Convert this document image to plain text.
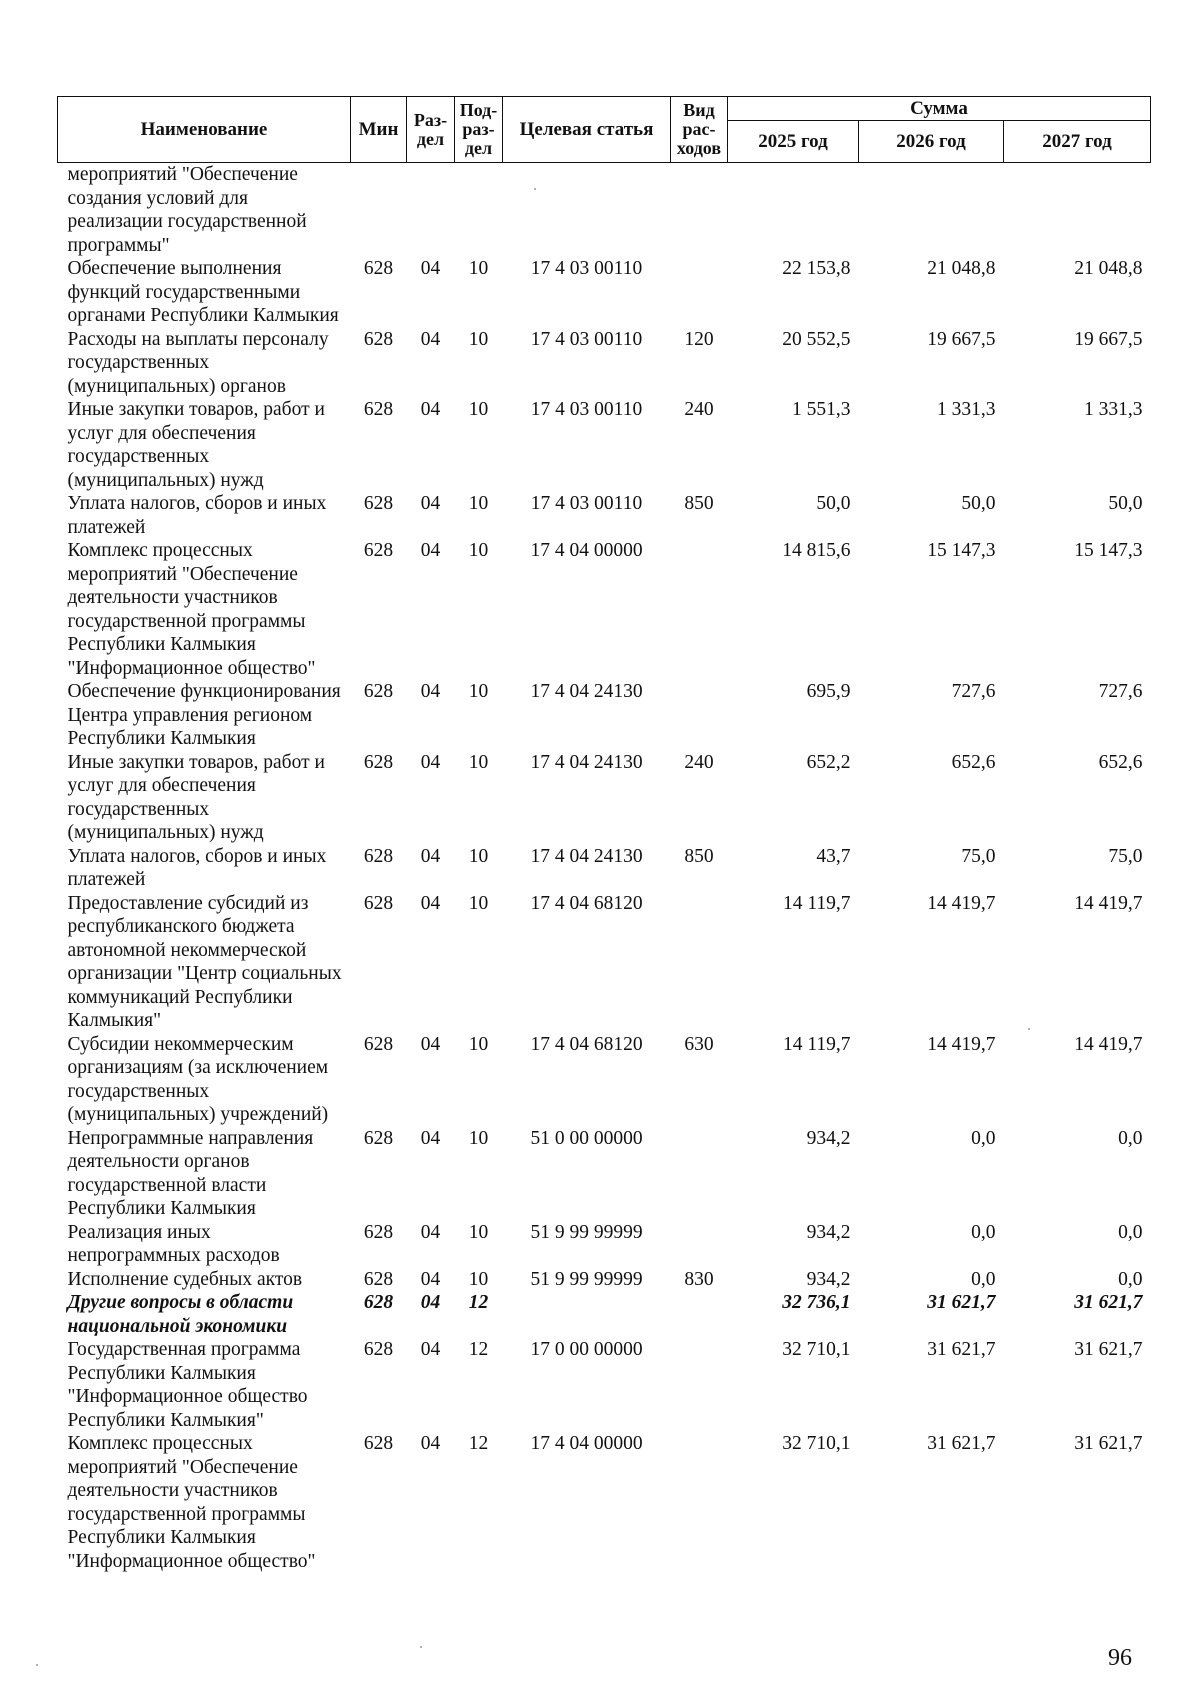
Наименование	Мин	Раз-дел	Под-раз-дел	Целевая статья	Вид рас-ходов	Сумма		
						2025 год	2026 год	2027 год
мероприятий "Обеспечение создания условий для реализации государственной программы"								
Обеспечение выполнения функций государственными органами Республики Калмыкия	628	04	10	17 4 03 00110		22 153,8	21 048,8	21 048,8
Расходы на выплаты персоналу государственных (муниципальных) органов	628	04	10	17 4 03 00110	120	20 552,5	19 667,5	19 667,5
Иные закупки товаров, работ и услуг для обеспечения государственных (муниципальных) нужд	628	04	10	17 4 03 00110	240	1 551,3	1 331,3	1 331,3
Уплата налогов, сборов и иных платежей	628	04	10	17 4 03 00110	850	50,0	50,0	50,0
Комплекс процессных мероприятий "Обеспечение деятельности участников государственной программы Республики Калмыкия "Информационное общество"	628	04	10	17 4 04 00000		14 815,6	15 147,3	15 147,3
Обеспечение функционирования Центра управления регионом Республики Калмыкия	628	04	10	17 4 04 24130		695,9	727,6	727,6
Иные закупки товаров, работ и услуг для обеспечения государственных (муниципальных) нужд	628	04	10	17 4 04 24130	240	652,2	652,6	652,6
Уплата налогов, сборов и иных платежей	628	04	10	17 4 04 24130	850	43,7	75,0	75,0
Предоставление субсидий из республиканского бюджета автономной некоммерческой организации "Центр социальных коммуникаций Республики Калмыкия"	628	04	10	17 4 04 68120		14 119,7	14 419,7	14 419,7
Субсидии некоммерческим организациям (за исключением государственных (муниципальных) учреждений)	628	04	10	17 4 04 68120	630	14 119,7	14 419,7	14 419,7
Непрограммные направления деятельности органов государственной власти Республики Калмыкия	628	04	10	51 0 00 00000		934,2	0,0	0,0
Реализация иных непрограммных расходов	628	04	10	51 9 99 99999		934,2	0,0	0,0
Исполнение судебных актов	628	04	10	51 9 99 99999	830	934,2	0,0	0,0
Другие вопросы в области национальной экономики	628	04	12			32 736,1	31 621,7	31 621,7
Государственная программа Республики Калмыкия "Информационное общество Республики Калмыкия"	628	04	12	17 0 00 00000		32 710,1	31 621,7	31 621,7
Комплекс процессных мероприятий "Обеспечение деятельности участников государственной программы Республики Калмыкия "Информационное общество"	628	04	12	17 4 04 00000		32 710,1	31 621,7	31 621,7
96
